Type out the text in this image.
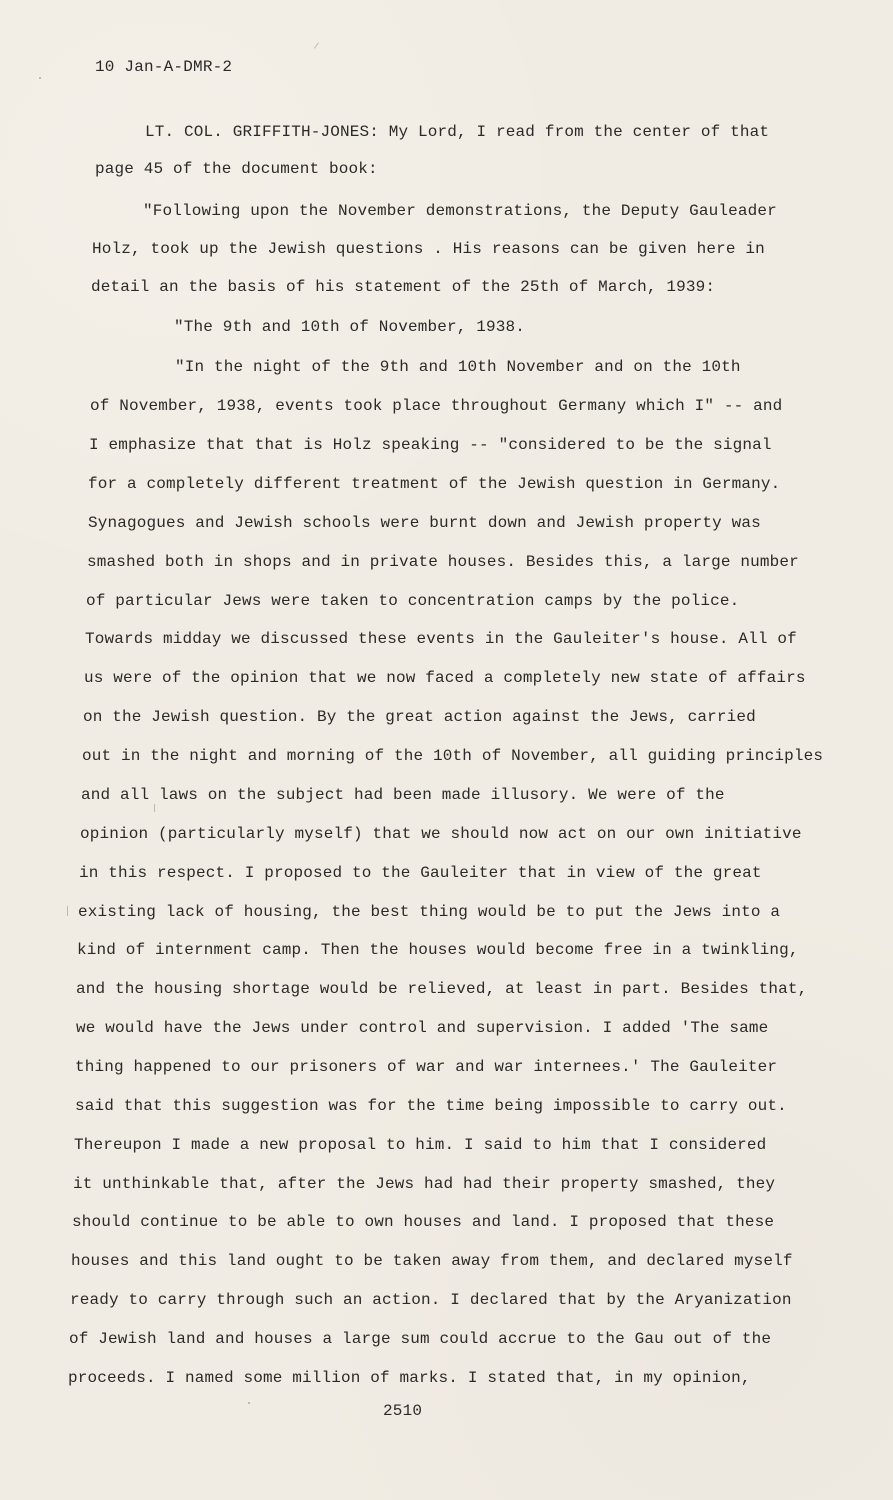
10 Jan-A-DMR-2
LT. COL. GRIFFITH-JONES: My Lord, I read from the center of that
page 45 of the document book:
"Following upon the November demonstrations, the Deputy Gauleader
Holz, took up the Jewish questions . His reasons can be given here in
detail an the basis of his statement of the 25th of March, 1939:
"The 9th and 10th of November, 1938.
"In the night of the 9th and 10th November and on the 10th
of November, 1938, events took place throughout Germany which I" -- and
I emphasize that that is Holz speaking -- "considered to be the signal
for a completely different treatment of the Jewish question in Germany.
Synagogues and Jewish schools were burnt down and Jewish property was
smashed both in shops and in private houses. Besides this, a large number
of particular Jews were taken to concentration camps by the police.
Towards midday we discussed these events in the Gauleiter's house. All of
us were of the opinion that we now faced a completely new state of affairs
on the Jewish question. By the great action against the Jews, carried
out in the night and morning of the 10th of November, all guiding principles
and all laws on the subject had been made illusory. We were of the
opinion (particularly myself) that we should now act on our own initiative
in this respect. I proposed to the Gauleiter that in view of the great
existing lack of housing, the best thing would be to put the Jews into a
kind of internment camp. Then the houses would become free in a twinkling,
and the housing shortage would be relieved, at least in part. Besides that,
we would have the Jews under control and supervision. I added 'The same
thing happened to our prisoners of war and war internees.' The Gauleiter
said that this suggestion was for the time being impossible to carry out.
Thereupon I made a new proposal to him. I said to him that I considered
it unthinkable that, after the Jews had had their property smashed, they
should continue to be able to own houses and land. I proposed that these
houses and this land ought to be taken away from them, and declared myself
ready to carry through such an action. I declared that by the Aryanization
of Jewish land and houses a large sum could accrue to the Gau out of the
proceeds. I named some million of marks. I stated that, in my opinion,
2510
